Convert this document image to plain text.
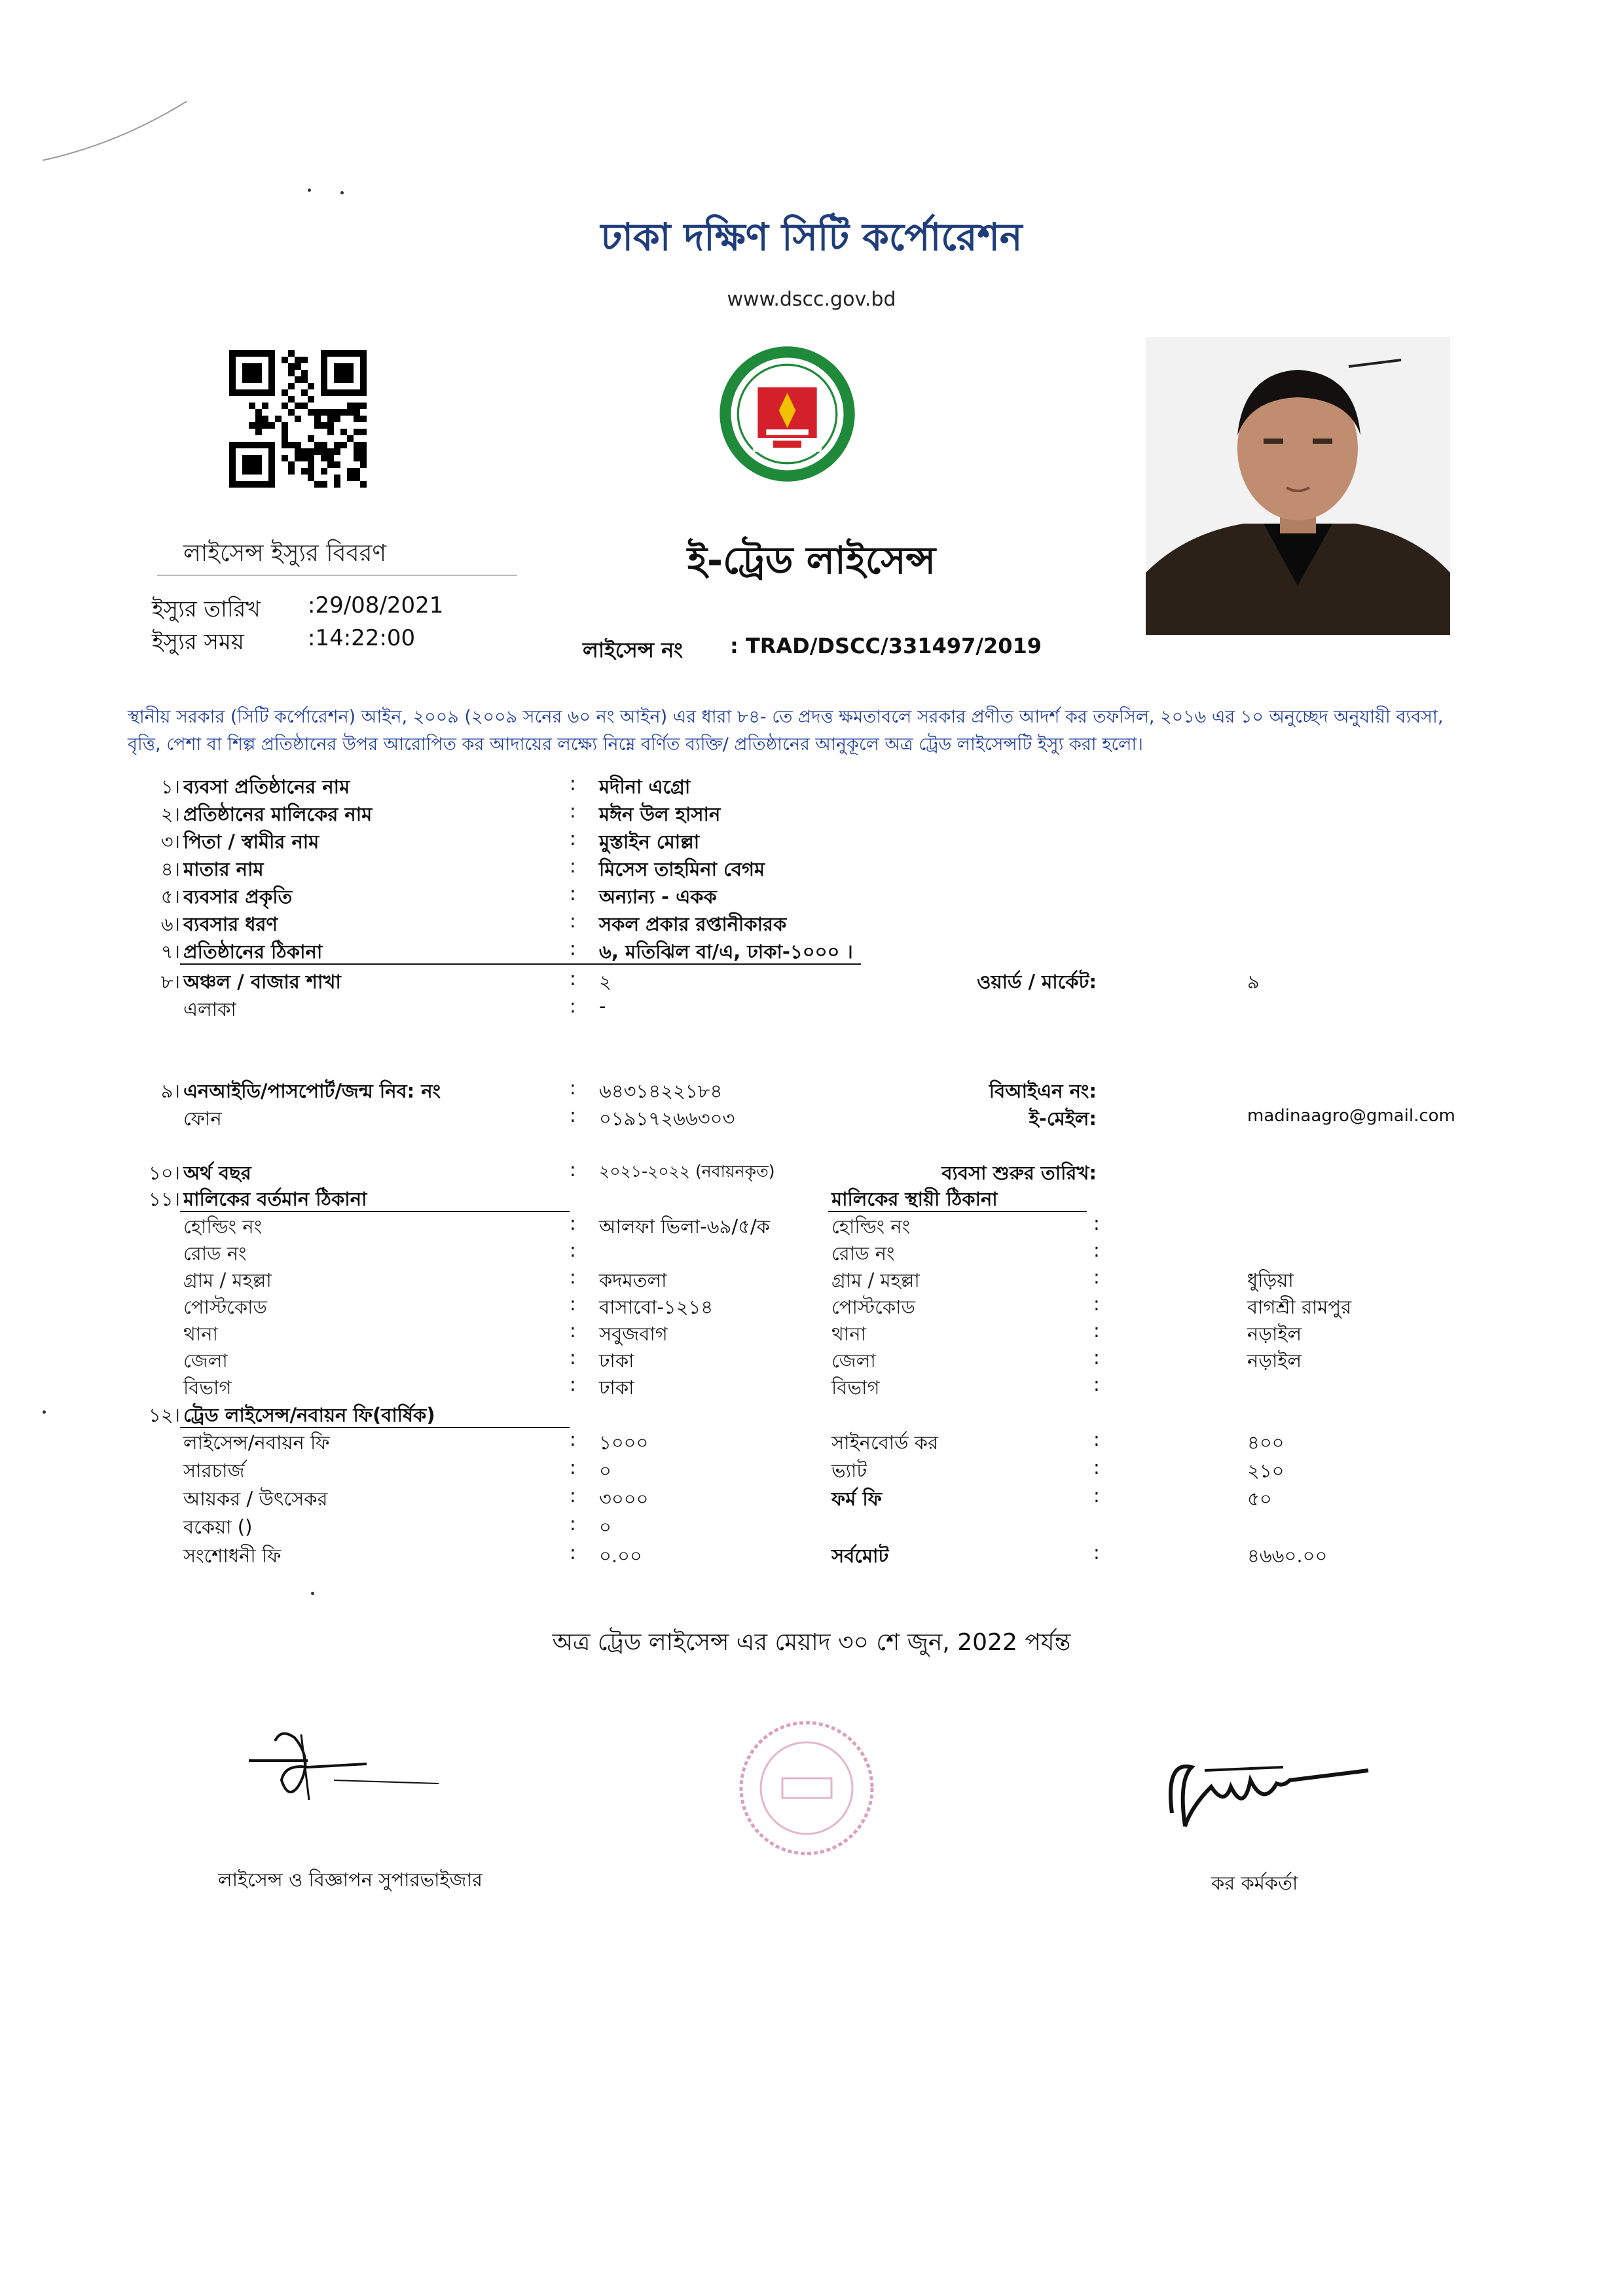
ঢাকা দক্ষিণ সিটি কর্পোরেশন
www.dscc.gov.bd
লাইসেন্স ইস্যুর বিবরণ
ইস্যুর তারিখ :29/08/2021
ইস্যুর সময়	:14:22:00
ই-ট্রেড লাইসেন্স
লাইসেন্স নং : TRAD/DSCC/331497/2019
স্থানীয় সরকার (সিটি কর্পোরেশন) আইন, ২০০৯ (২০০৯ সনের ৬০ নং আইন) এর ধারা ৮৪- তে প্রদত্ত ক্ষমতাবলে সরকার প্রণীত আদর্শ কর তফসিল, ২০১৬ এর ১০ অনুচ্ছেদ অনুযায়ী ব্যবসা, বৃত্তি, পেশা বা শিল্প প্রতিষ্ঠানের উপর আরোপিত কর আদায়ের লক্ষ্যে নিম্নে বর্ণিত ব্যক্তি/ প্রতিষ্ঠানের আনুকূলে অত্র ট্রেড লাইসেন্সটি ইস্যু করা হলো।
১। ব্যবসা প্রতিষ্ঠানের নাম	: মদীনা এগ্রো
২। প্রতিষ্ঠানের মালিকের নাম	: মঈন উল হাসান
৩। পিতা / স্বামীর নাম	: মুস্তাইন মোল্লা
৪। মাতার নাম	: মিসেস তাহমিনা বেগম
৫। ব্যবসার প্রকৃতি	: অন্যান্য - একক
৬। ব্যবসার ধরণ	: সকল প্রকার রপ্তানীকারক
৭। প্রতিষ্ঠানের ঠিকানা	: ৬, মতিঝিল বা/এ, ঢাকা-১০০০ ।
৮। অঞ্চল / বাজার শাখা	: ২	ওয়ার্ড / মার্কেট:	৯
এলাকা	: -
৯। এনআইডি/পাসপোর্ট/জন্ম নিব: নং	: ৬৪৩১৪২২১৮৪	বিআইএন নং:
ফোন	: ০১৯১৭২৬৬৩০৩	ই-মেইল:	madinaagro@gmail.com
১০। অর্থ বছর	: ২০২১-২০২২ (নবায়নকৃত)	ব্যবসা শুরুর তারিখ:
১১। মালিকের বর্তমান ঠিকানা	মালিকের স্থায়ী ঠিকানা
হোল্ডিং নং	: আলফা ভিলা-৬৯/৫/ক	হোল্ডিং নং	:
রোড নং	:	রোড নং	:
গ্রাম / মহল্লা	: কদমতলা	গ্রাম / মহল্লা	:	ধুড়িয়া
পোস্টকোড	: বাসাবো-১২১৪	পোস্টকোড	:	বাগশ্রী রামপুর
থানা	: সবুজবাগ	থানা	:	নড়াইল
জেলা	: ঢাকা	জেলা	:	নড়াইল
বিভাগ	: ঢাকা	বিভাগ	:
১২। ট্রেড লাইসেন্স/নবায়ন ফি(বার্ষিক)
লাইসেন্স/নবায়ন ফি	: ১০০০	সাইনবোর্ড কর	:	৪০০
সারচার্জ	: ০	ভ্যাট	:	২১০
আয়কর / উৎসেকর	: ৩০০০	ফর্ম ফি	:	৫০
বকেয়া ()	: ০
সংশোধনী ফি	: ০.০০	সর্বমোট	:	৪৬৬০.০০
অত্র ট্রেড লাইসেন্স এর মেয়াদ ৩০ শে জুন, 2022 পর্যন্ত
লাইসেন্স ও বিজ্ঞাপন সুপারভাইজার	কর কর্মকর্তা
